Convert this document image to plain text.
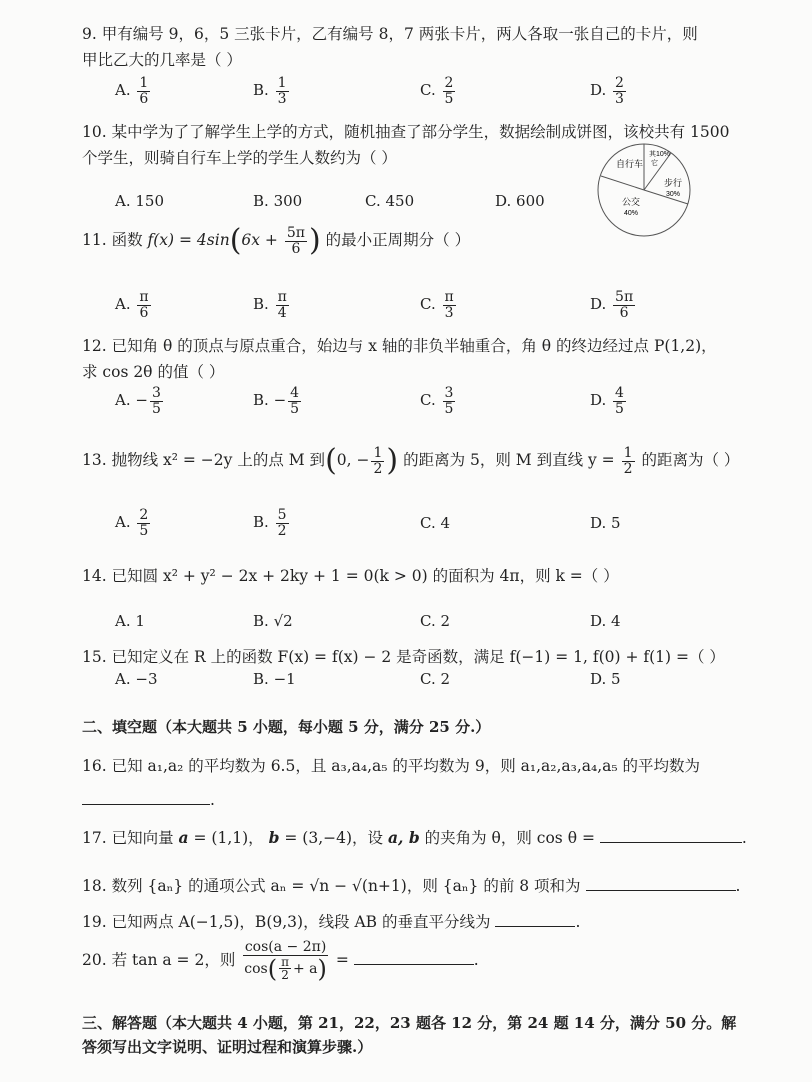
9. 甲有编号 9，6，5 三张卡片，乙有编号 8，7 两张卡片，两人各取一张自己的卡片，则
甲比乙大的几率是（ ）
A. $\frac{1}{6}$	B. $\frac{1}{3}$	C. $\frac{2}{5}$	D. $\frac{2}{3}$
10. 某中学为了了解学生上学的方式，随机抽查了部分学生，数据绘制成饼图，该校共有 1500
个学生，则骑自行车上学的学生人数约为（ ）
A. 150	B. 300	C. 450	D. 600
自行车
其10%
它
步行
30%
公交
40%
11. 函数 $f(x) = 4\sin(6x + \frac{5\pi}{6}$ ) 的最小正周期分（ ）
A. $\frac{\pi}{6}$	B. $\frac{\pi}{4}$	C. $\frac{\pi}{3}$	D. $\frac{5\pi}{6}$
12. 已知角 θ 的顶点与原点重合，始边与 x 轴的非负半轴重合，角 θ 的终边经过点 P(1,2)，
求 cos 2θ 的值（ ）
A. − $\frac{3}{5}$	B. − $\frac{4}{5}$	C. $\frac{3}{5}$	D. $\frac{4}{5}$
13. 抛物线 x² = −2y 上的点 M 到(0, − $\frac{1}{2}$ ) 的距离为 5，则 M 到直线 $y = \frac{1}{2}$ 的距离为（ ）
A. $\frac{2}{5}$	B. $\frac{5}{2}$	C. 4	D. 5
14. 已知圆 x² + y² − 2x + 2ky + 1 = 0(k > 0) 的面积为 4π，则 k =（ ）
A. 1	B. √2	C. 2	D. 4
15. 已知定义在 R 上的函数 F(x) = f(x) − 2 是奇函数，满足 f(−1) = 1, f(0) + f(1) =（ ）
A. −3	B. −1	C. 2	D. 5
二、填空题（本大题共 5 小题，每小题 5 分，满分 25 分.）
16. 已知 a₁,a₂ 的平均数为 6.5，且 a₃,a₄,a₅ 的平均数为 9，则 a₁,a₂,a₃,a₄,a₅ 的平均数为
.
17. 已知向量 a = (1,1)， b = (3,−4)，设 a, b 的夹角为 θ，则 cos θ =	.
18. 数列 {aₙ} 的通项公式 aₙ = √n − √(n+1)，则 {aₙ} 的前 8 项和为	.
19. 已知两点 A(−1,5)，B(9,3)，线段 AB 的垂直平分线为	.
20. 若 tan a = 2，则 $\frac{\cos(a - 2\pi)}{\cos( \frac{\pi}{2} + a)}$ =	.
三、解答题（本大题共 4 小题，第 21，22，23 题各 12 分，第 24 题 14 分，满分 50 分。解
答须写出文字说明、证明过程和演算步骤.）
